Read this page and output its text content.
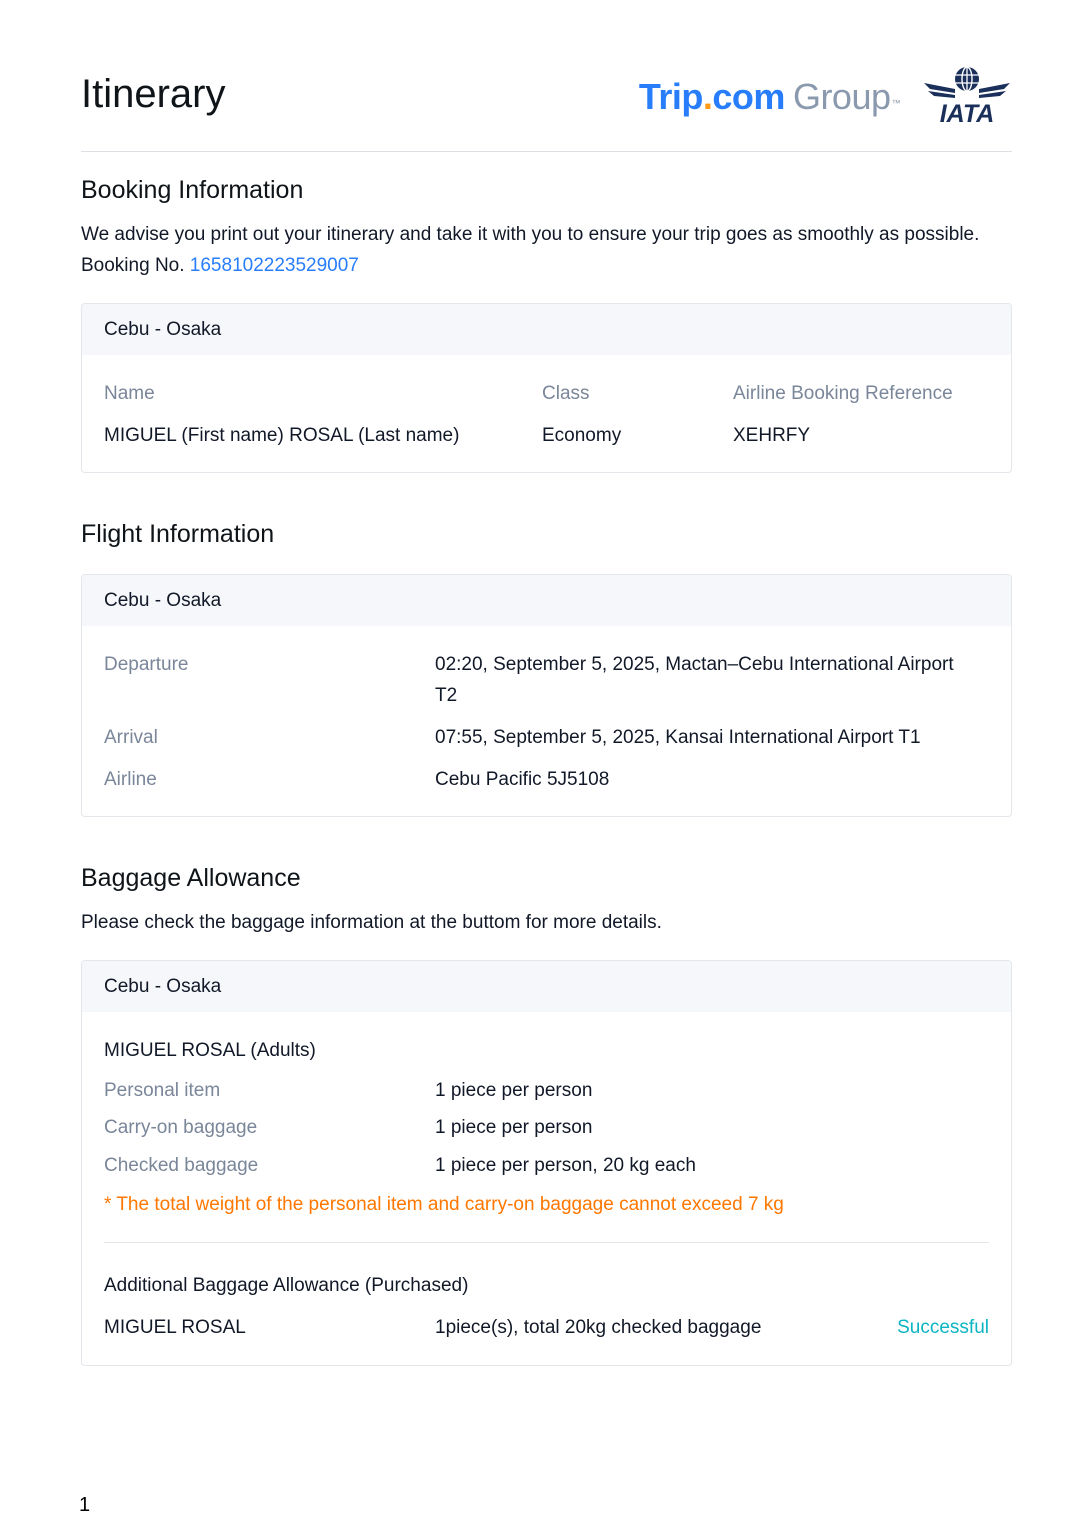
Itinerary	Trip . com Group ™ IATA
Booking Information

We advise you print out your itinerary and take it with you to ensure your trip goes as smoothly as possible.

Booking No. 1658102223529007

Cebu - Osaka
Name	Class	Airline Booking Reference
MIGUEL (First name) ROSAL (Last name)	Economy	XEHRFY
Flight Information
Cebu - Osaka
Departure	02:20, September 5, 2025, Mactan–Cebu International Airport
T2
Arrival	07:55, September 5, 2025, Kansai International Airport T1
Airline	Cebu Pacific 5J5108
Baggage Allowance

Please check the baggage information at the buttom for more details.

Cebu - Osaka
MIGUEL ROSAL (Adults)
Personal item	1 piece per person
Carry-on baggage	1 piece per person
Checked baggage	1 piece per person, 20 kg each
* The total weight of the personal item and carry-on baggage cannot exceed 7 kg
Additional Baggage Allowance (Purchased)
MIGUEL ROSAL	1piece(s), total 20kg checked baggage	Successful
1
